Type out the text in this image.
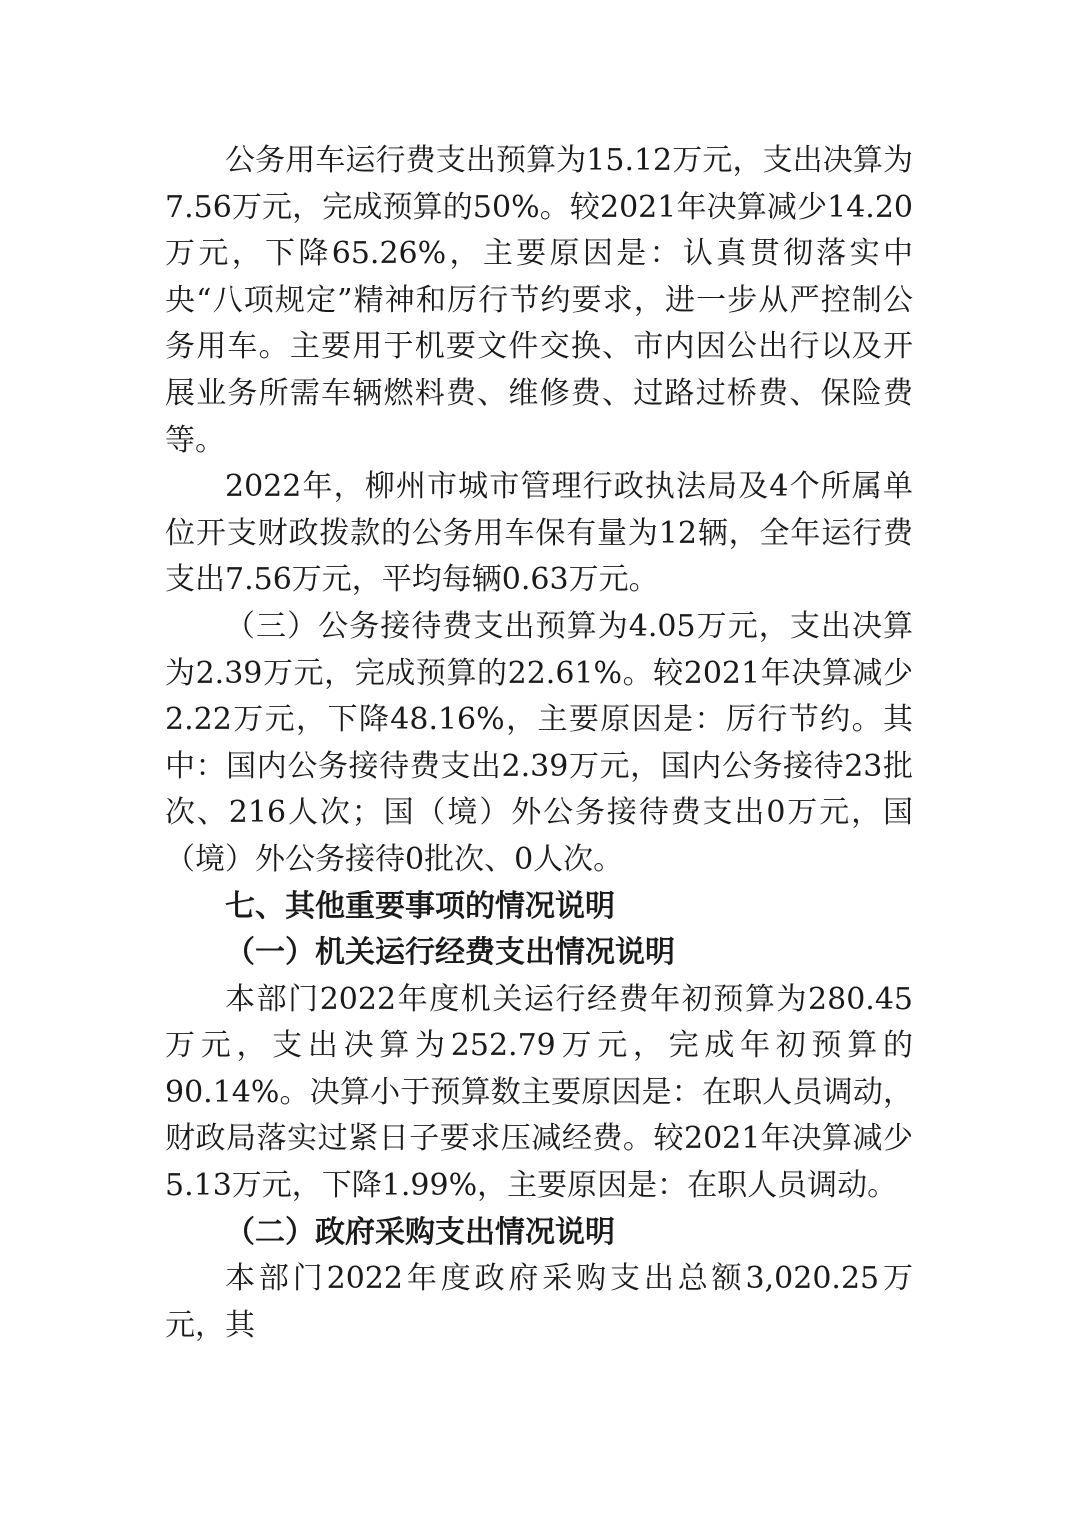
公务用车运行费支出预算为15.12万元，支出决算为7.56万元，完成预算的50%。较2021年决算减少14.20万元，下降65.26%，主要原因是：认真贯彻落实中央“八项规定”精神和厉行节约要求，进一步从严控制公务用车。主要用于机要文件交换、市内因公出行以及开展业务所需车辆燃料费、维修费、过路过桥费、保险费等。

2022年，柳州市城市管理行政执法局及4个所属单位开支财政拨款的公务用车保有量为12辆，全年运行费支出7.56万元，平均每辆0.63万元。

（三）公务接待费支出预算为4.05万元，支出决算为2.39万元，完成预算的22.61%。较2021年决算减少2.22万元，下降48.16%，主要原因是：厉行节约。其中：国内公务接待费支出2.39万元，国内公务接待23批次、216人次；国（境）外公务接待费支出0万元，国（境）外公务接待0批次、0人次。

七、其他重要事项的情况说明

（一）机关运行经费支出情况说明

本部门2022年度机关运行经费年初预算为280.45万元，支出决算为252.79万元，完成年初预算的90.14%。决算小于预算数主要原因是：在职人员调动，财政局落实过紧日子要求压减经费。较2021年决算减少5.13万元，下降1.99%，主要原因是：在职人员调动。

（二）政府采购支出情况说明

本部门2022年度政府采购支出总额3,020.25万元，其
